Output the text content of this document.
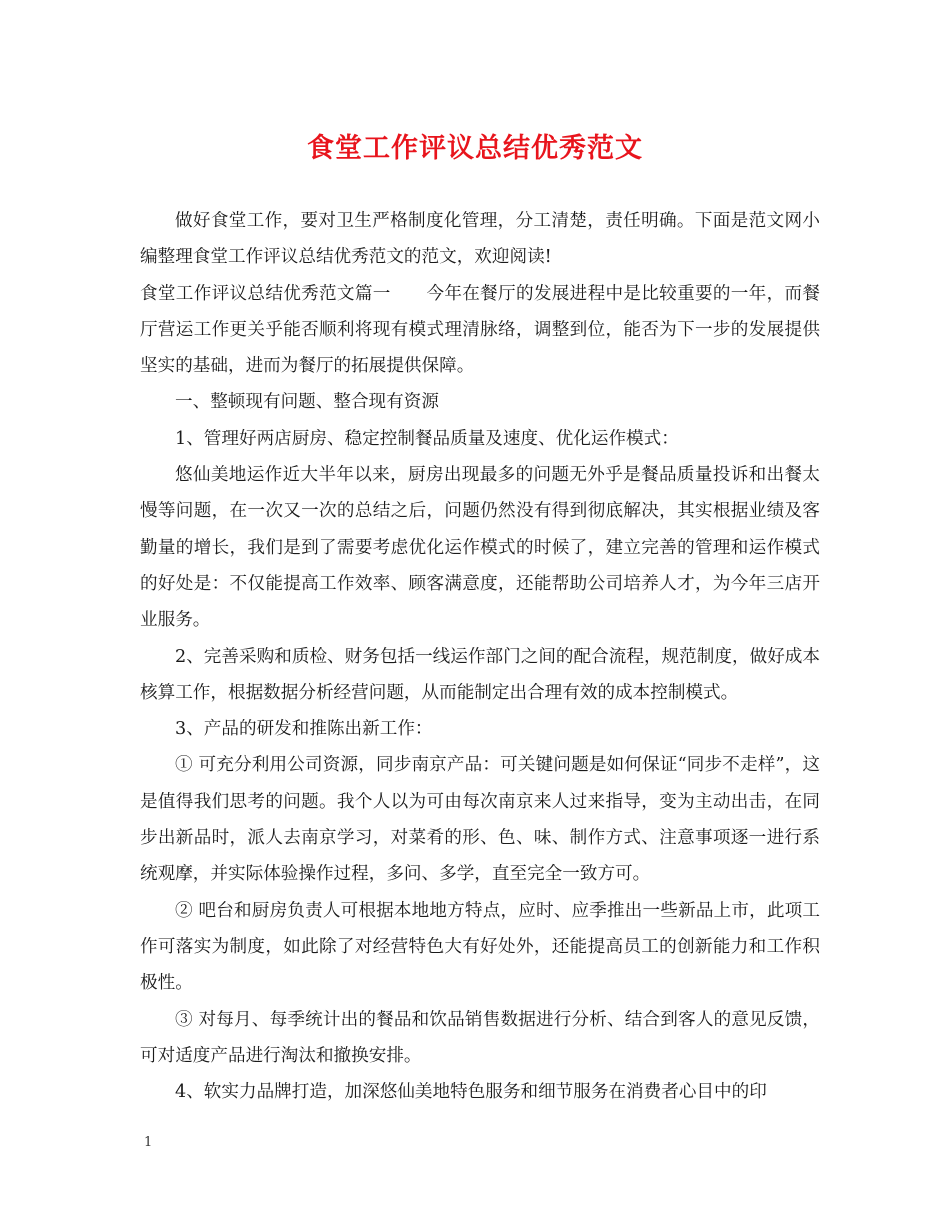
食堂工作评议总结优秀范文

做好食堂工作，要对卫生严格制度化管理，分工清楚，责任明确。下面是范文网小编整理食堂工作评议总结优秀范文的范文，欢迎阅读!

食堂工作评议总结优秀范文篇一　　今年在餐厅的发展进程中是比较重要的一年，而餐厅营运工作更关乎能否顺利将现有模式理清脉络，调整到位，能否为下一步的发展提供坚实的基础，进而为餐厅的拓展提供保障。

一、整顿现有问题、整合现有资源

1、管理好两店厨房、稳定控制餐品质量及速度、优化运作模式：

悠仙美地运作近大半年以来，厨房出现最多的问题无外乎是餐品质量投诉和出餐太慢等问题，在一次又一次的总结之后，问题仍然没有得到彻底解决，其实根据业绩及客勤量的增长，我们是到了需要考虑优化运作模式的时候了，建立完善的管理和运作模式的好处是：不仅能提高工作效率、顾客满意度，还能帮助公司培养人才，为今年三店开业服务。

2、完善采购和质检、财务包括一线运作部门之间的配合流程，规范制度，做好成本核算工作，根据数据分析经营问题，从而能制定出合理有效的成本控制模式。

3、产品的研发和推陈出新工作：

① 可充分利用公司资源，同步南京产品：可关键问题是如何保证“同步不走样”，这是值得我们思考的问题。我个人以为可由每次南京来人过来指导，变为主动出击，在同步出新品时，派人去南京学习，对菜肴的形、色、味、制作方式、注意事项逐一进行系统观摩，并实际体验操作过程，多问、多学，直至完全一致方可。

② 吧台和厨房负责人可根据本地地方特点，应时、应季推出一些新品上市，此项工作可落实为制度，如此除了对经营特色大有好处外，还能提高员工的创新能力和工作积极性。

③ 对每月、每季统计出的餐品和饮品销售数据进行分析、结合到客人的意见反馈，可对适度产品进行淘汰和撤换安排。

4、软实力品牌打造，加深悠仙美地特色服务和细节服务在消费者心目中的印

1
